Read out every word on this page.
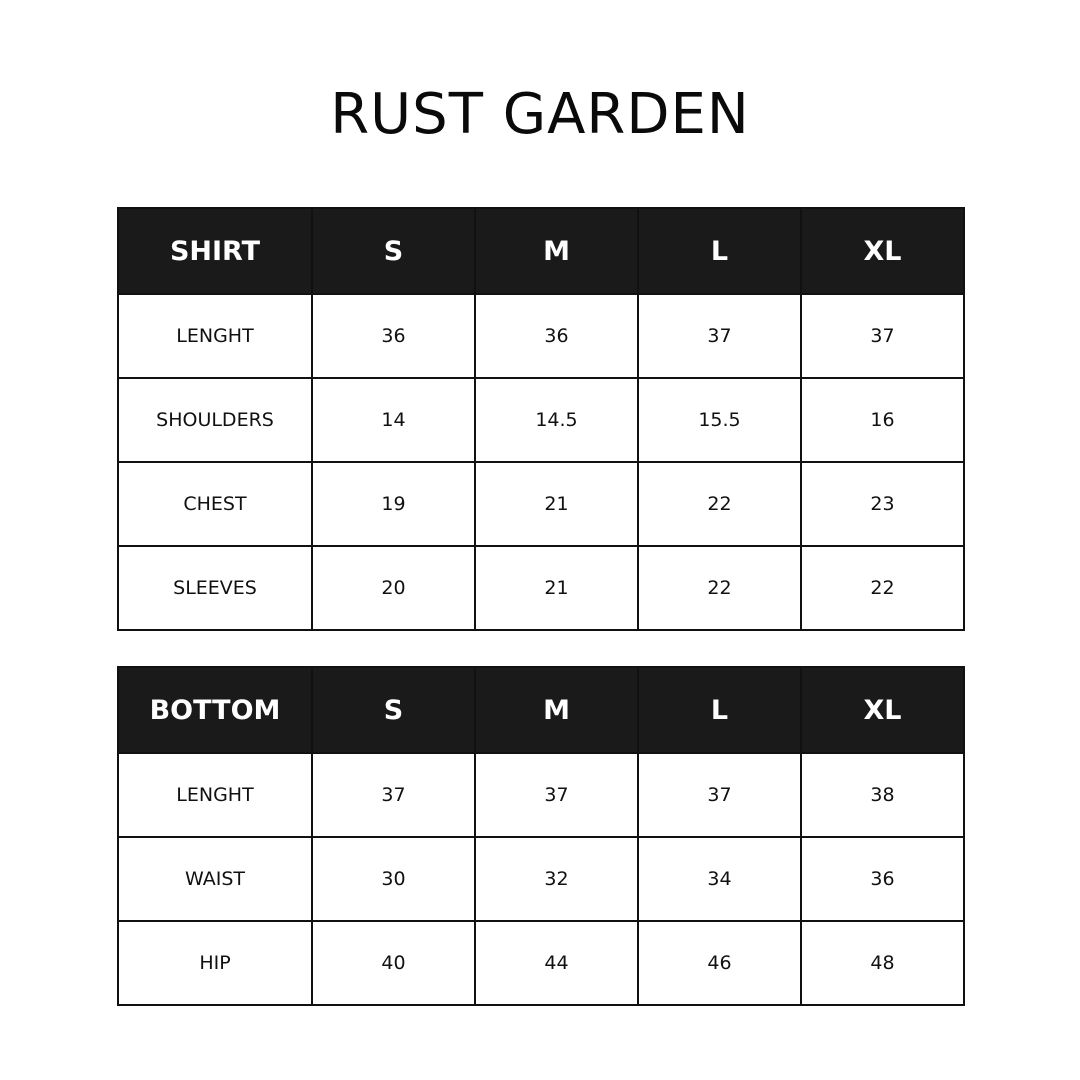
RUST GARDEN
SHIRT	S	M	L	XL
LENGHT	36	36	37	37
SHOULDERS	14	14.5	15.5	16
CHEST	19	21	22	23
SLEEVES	20	21	22	22
BOTTOM	S	M	L	XL
LENGHT	37	37	37	38
WAIST	30	32	34	36
HIP	40	44	46	48
